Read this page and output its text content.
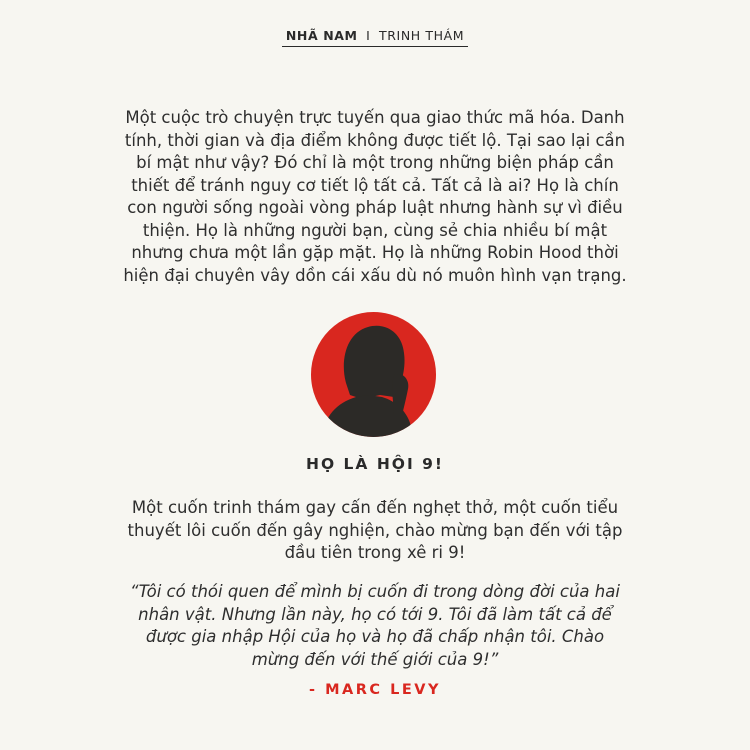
NHÃ NAM I TRINH THÁM
Một cuộc trò chuyện trực tuyến qua giao thức mã hóa. Danh
tính, thời gian và địa điểm không được tiết lộ. Tại sao lại cần
bí mật như vậy? Đó chỉ là một trong những biện pháp cần
thiết để tránh nguy cơ tiết lộ tất cả. Tất cả là ai? Họ là chín
con người sống ngoài vòng pháp luật nhưng hành sự vì điều
thiện. Họ là những người bạn, cùng sẻ chia nhiều bí mật
nhưng chưa một lần gặp mặt. Họ là những Robin Hood thời
hiện đại chuyên vây dồn cái xấu dù nó muôn hình vạn trạng.
HỌ LÀ HỘI 9!
Một cuốn trinh thám gay cấn đến nghẹt thở, một cuốn tiểu
thuyết lôi cuốn đến gây nghiện, chào mừng bạn đến với tập
đầu tiên trong xê ri 9!
“Tôi có thói quen để mình bị cuốn đi trong dòng đời của hai
nhân vật. Nhưng lần này, họ có tới 9. Tôi đã làm tất cả để
được gia nhập Hội của họ và họ đã chấp nhận tôi. Chào
mừng đến với thế giới của 9!”
- MARC LEVY
